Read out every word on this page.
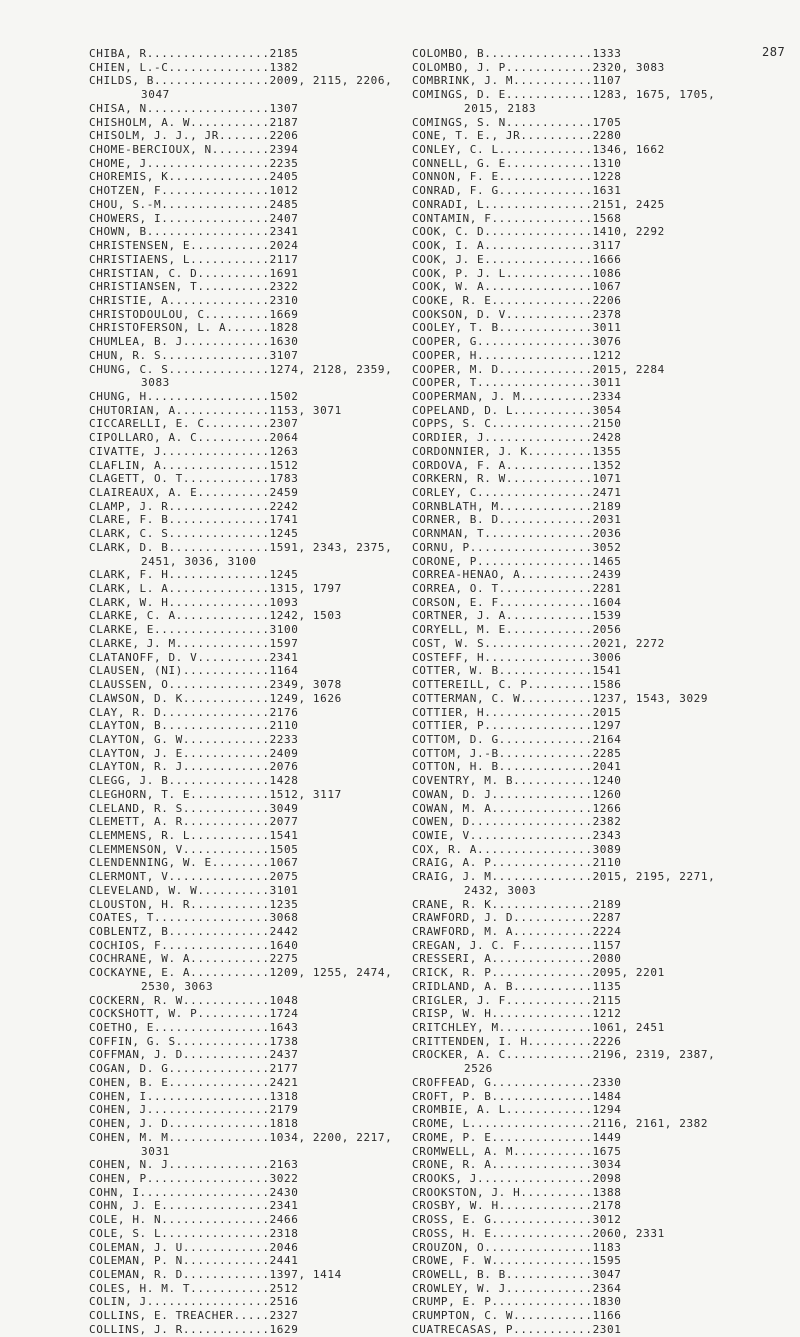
287
CHIBA, R.................2185
CHIEN, L.-C..............1382
CHILDS, B................2009, 2115, 2206,
3047
CHISA, N.................1307
CHISHOLM, A. W...........2187
CHISOLM, J. J., JR.......2206
CHOME-BERCIOUX, N........2394
CHOME, J.................2235
CHOREMIS, K..............2405
CHOTZEN, F...............1012
CHOU, S.-M...............2485
CHOWERS, I...............2407
CHOWN, B.................2341
CHRISTENSEN, E...........2024
CHRISTIAENS, L...........2117
CHRISTIAN, C. D..........1691
CHRISTIANSEN, T..........2322
CHRISTIE, A..............2310
CHRISTODOULOU, C.........1669
CHRISTOFERSON, L. A......1828
CHUMLEA, B. J............1630
CHUN, R. S...............3107
CHUNG, C. S..............1274, 2128, 2359,
3083
CHUNG, H.................1502
CHUTORIAN, A.............1153, 3071
CICCARELLI, E. C.........2307
CIPOLLARO, A. C..........2064
CIVATTE, J...............1263
CLAFLIN, A...............1512
CLAGETT, O. T............1783
CLAIREAUX, A. E..........2459
CLAMP, J. R..............2242
CLARE, F. B..............1741
CLARK, C. S..............1245
CLARK, D. B..............1591, 2343, 2375,
2451, 3036, 3100
CLARK, F. H..............1245
CLARK, L. A..............1315, 1797
CLARK, W. H..............1093
CLARKE, C. A.............1242, 1503
CLARKE, E................3100
CLARKE, J. M.............1597
CLATANOFF, D. V..........2341
CLAUSEN, (NI)............1164
CLAUSSEN, O..............2349, 3078
CLAWSON, D. K............1249, 1626
CLAY, R. D...............2176
CLAYTON, B...............2110
CLAYTON, G. W............2233
CLAYTON, J. E............2409
CLAYTON, R. J............2076
CLEGG, J. B..............1428
CLEGHORN, T. E...........1512, 3117
CLELAND, R. S............3049
CLEMETT, A. R............2077
CLEMMENS, R. L...........1541
CLEMMENSON, V............1505
CLENDENNING, W. E........1067
CLERMONT, V..............2075
CLEVELAND, W. W..........3101
CLOUSTON, H. R...........1235
COATES, T................3068
COBLENTZ, B..............2442
COCHIOS, F...............1640
COCHRANE, W. A...........2275
COCKAYNE, E. A...........1209, 1255, 2474,
2530, 3063
COCKERN, R. W............1048
COCKSHOTT, W. P..........1724
COETHO, E................1643
COFFIN, G. S.............1738
COFFMAN, J. D............2437
COGAN, D. G..............2177
COHEN, B. E..............2421
COHEN, I.................1318
COHEN, J.................2179
COHEN, J. D..............1818
COHEN, M. M..............1034, 2200, 2217,
3031
COHEN, N. J..............2163
COHEN, P.................3022
COHN, I..................2430
COHN, J. E...............2341
COLE, H. N...............2466
COLE, S. L...............2318
COLEMAN, J. U............2046
COLEMAN, P. N............2441
COLEMAN, R. D............1397, 1414
COLES, H. M. T...........2512
COLIN, J.................2516
COLLINS, E. TREACHER.....2327
COLLINS, J. R............1629
COLOMBO, B...............1333
COLOMBO, J. P............2320, 3083
COMBRINK, J. M...........1107
COMINGS, D. E............1283, 1675, 1705,
2015, 2183
COMINGS, S. N............1705
CONE, T. E., JR..........2280
CONLEY, C. L.............1346, 1662
CONNELL, G. E............1310
CONNON, F. E.............1228
CONRAD, F. G.............1631
CONRADI, L...............2151, 2425
CONTAMIN, F..............1568
COOK, C. D...............1410, 2292
COOK, I. A...............3117
COOK, J. E...............1666
COOK, P. J. L............1086
COOK, W. A...............1067
COOKE, R. E..............2206
COOKSON, D. V............2378
COOLEY, T. B.............3011
COOPER, G................3076
COOPER, H................1212
COOPER, M. D.............2015, 2284
COOPER, T................3011
COOPERMAN, J. M..........2334
COPELAND, D. L...........3054
COPPS, S. C..............2150
CORDIER, J...............2428
CORDONNIER, J. K.........1355
CORDOVA, F. A............1352
CORKERN, R. W............1071
CORLEY, C................2471
CORNBLATH, M.............2189
CORNER, B. D.............2031
CORNMAN, T...............2036
CORNU, P.................3052
CORONE, P................1465
CORREA-HENAO, A..........2439
CORREA, O. T.............2281
CORSON, E. F.............1604
CORTNER, J. A............1539
CORYELL, M. E............2056
COST, W. S...............2021, 2272
COSTEFF, H...............3006
COTTER, W. B.............1541
COTTEREILL, C. P.........1586
COTTERMAN, C. W..........1237, 1543, 3029
COTTIER, H...............2015
COTTIER, P...............1297
COTTOM, D. G.............2164
COTTOM, J.-B.............2285
COTTON, H. B.............2041
COVENTRY, M. B...........1240
COWAN, D. J..............1260
COWAN, M. A..............1266
COWEN, D.................2382
COWIE, V.................2343
COX, R. A................3089
CRAIG, A. P..............2110
CRAIG, J. M..............2015, 2195, 2271,
2432, 3003
CRANE, R. K..............2189
CRAWFORD, J. D...........2287
CRAWFORD, M. A...........2224
CREGAN, J. C. F..........1157
CRESSERI, A..............2080
CRICK, R. P..............2095, 2201
CRIDLAND, A. B...........1135
CRIGLER, J. F............2115
CRISP, W. H..............1212
CRITCHLEY, M.............1061, 2451
CRITTENDEN, I. H.........2226
CROCKER, A. C............2196, 2319, 2387,
2526
CROFFEAD, G..............2330
CROFT, P. B..............1484
CROMBIE, A. L............1294
CROME, L.................2116, 2161, 2382
CROME, P. E..............1449
CROMWELL, A. M...........1675
CRONE, R. A..............3034
CROOKS, J................2098
CROOKSTON, J. H..........1388
CROSBY, W. H.............2178
CROSS, E. G..............3012
CROSS, H. E..............2060, 2331
CROUZON, O...............1183
CROWE, F. W..............1595
CROWELL, B. B............3047
CROWLEY, W. J............2364
CRUMP, E. P..............1830
CRUMPTON, C. W...........1166
CUATRECASAS, P...........2301
